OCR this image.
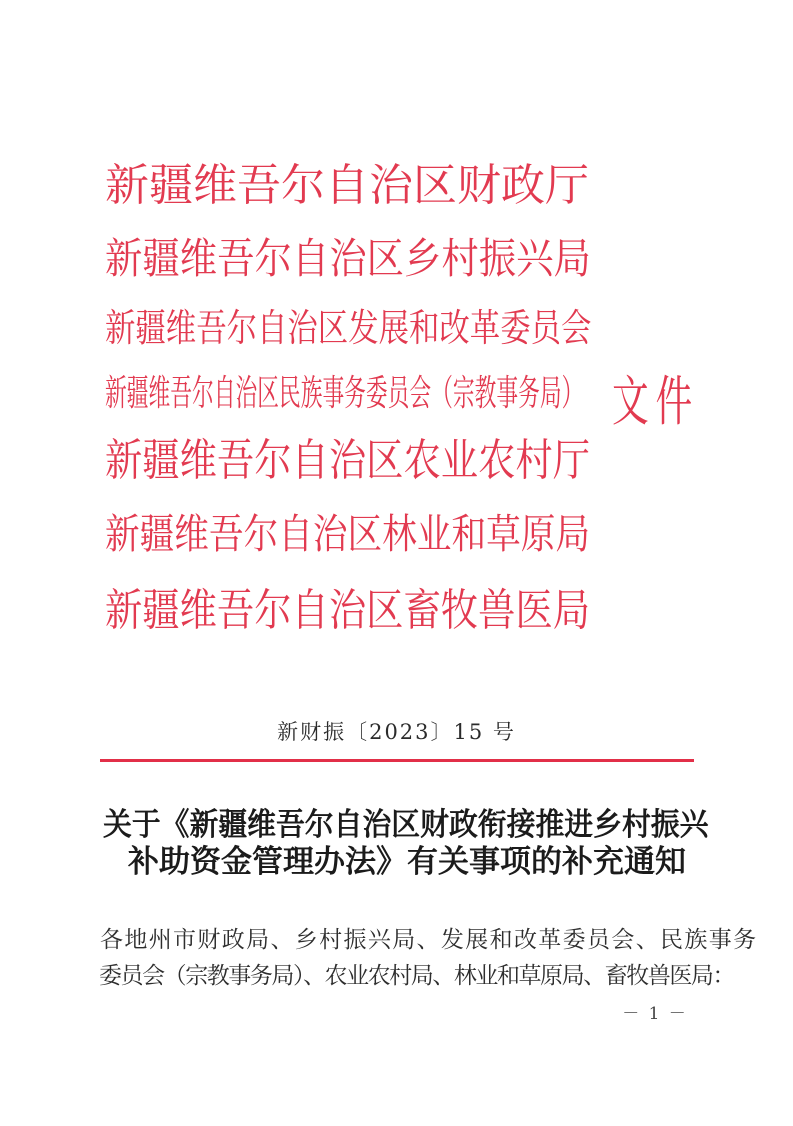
新疆维吾尔自治区财政厅
新疆维吾尔自治区乡村振兴局
新疆维吾尔自治区发展和改革委员会
新疆维吾尔自治区民族事务委员会（宗教事务局）
新疆维吾尔自治区农业农村厅
新疆维吾尔自治区林业和草原局
新疆维吾尔自治区畜牧兽医局
文件
新财振〔2023〕15 号
关于《新疆维吾尔自治区财政衔接推进乡村振兴
补助资金管理办法》有关事项的补充通知
各地州市财政局、乡村振兴局、发展和改革委员会、民族事务
委员会（宗教事务局）、农业农村局、林业和草原局、畜牧兽医局：
－ 1 －
